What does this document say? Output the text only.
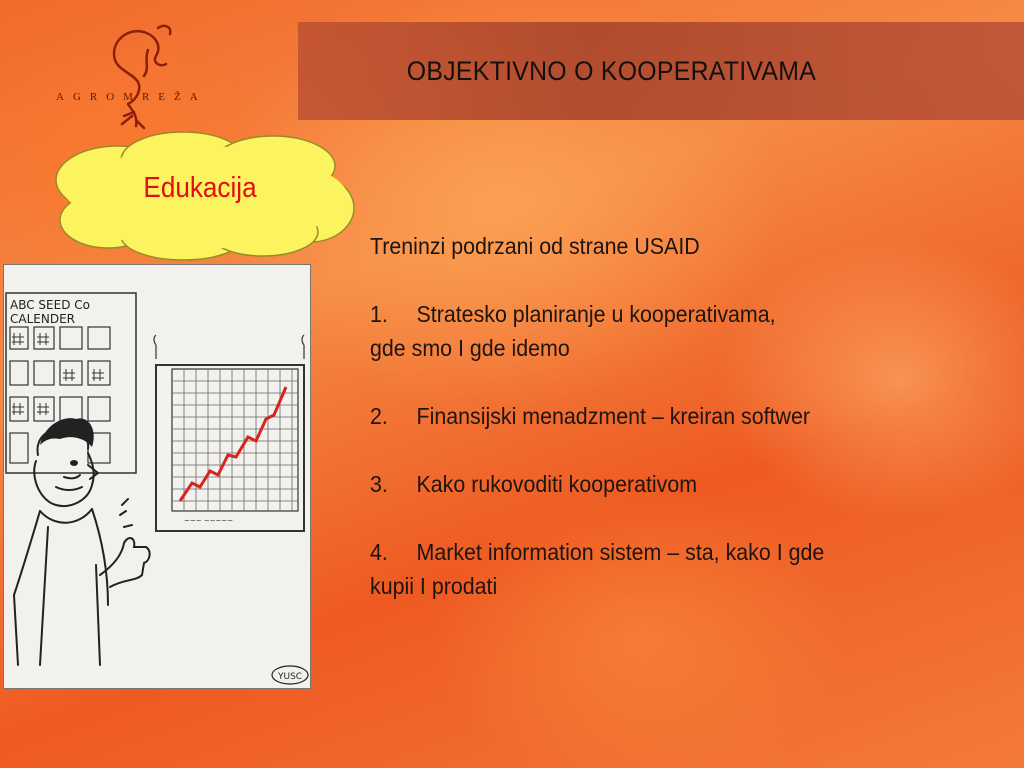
AGROMREŽA
OBJEKTIVNO O KOOPERATIVAMA
Edukacija
ABC SEED Co
CALENDER
~~~ ~~~~~
YUSC

Treninzi podrzani od strane USAID

1. Stratesko planiranje u kooperativama,

gde smo I gde idemo

2. Finansijski menadzment – kreiran softwer

3. Kako rukovoditi kooperativom

4. Market information sistem – sta, kako I gde

kupii I prodati
